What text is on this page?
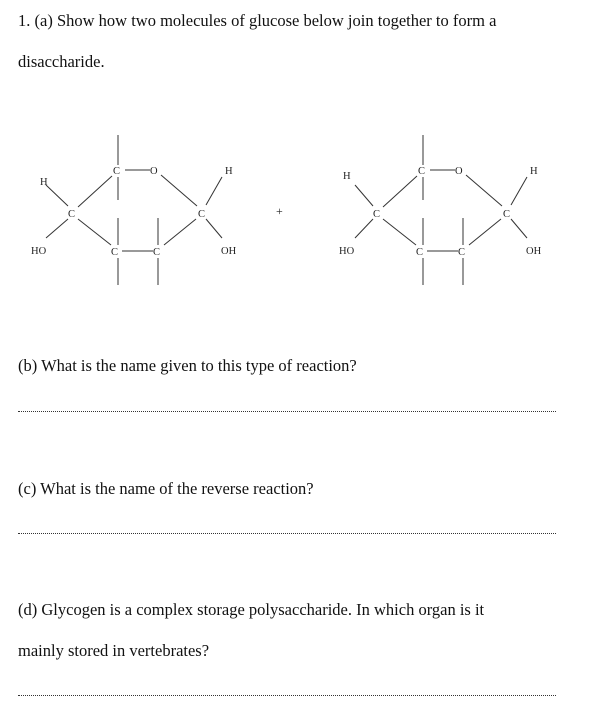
1. (a) Show how two molecules of glucose below join together to form a

disaccharide.

H
H
C	O
C	C
C	C
HO	OH
+
H	H
C	O
C	C
C	C
HO	OH

(b) What is the name given to this type of reaction?

(c) What is the name of the reverse reaction?

(d) Glycogen is a complex storage polysaccharide. In which organ is it

mainly stored in vertebrates?
